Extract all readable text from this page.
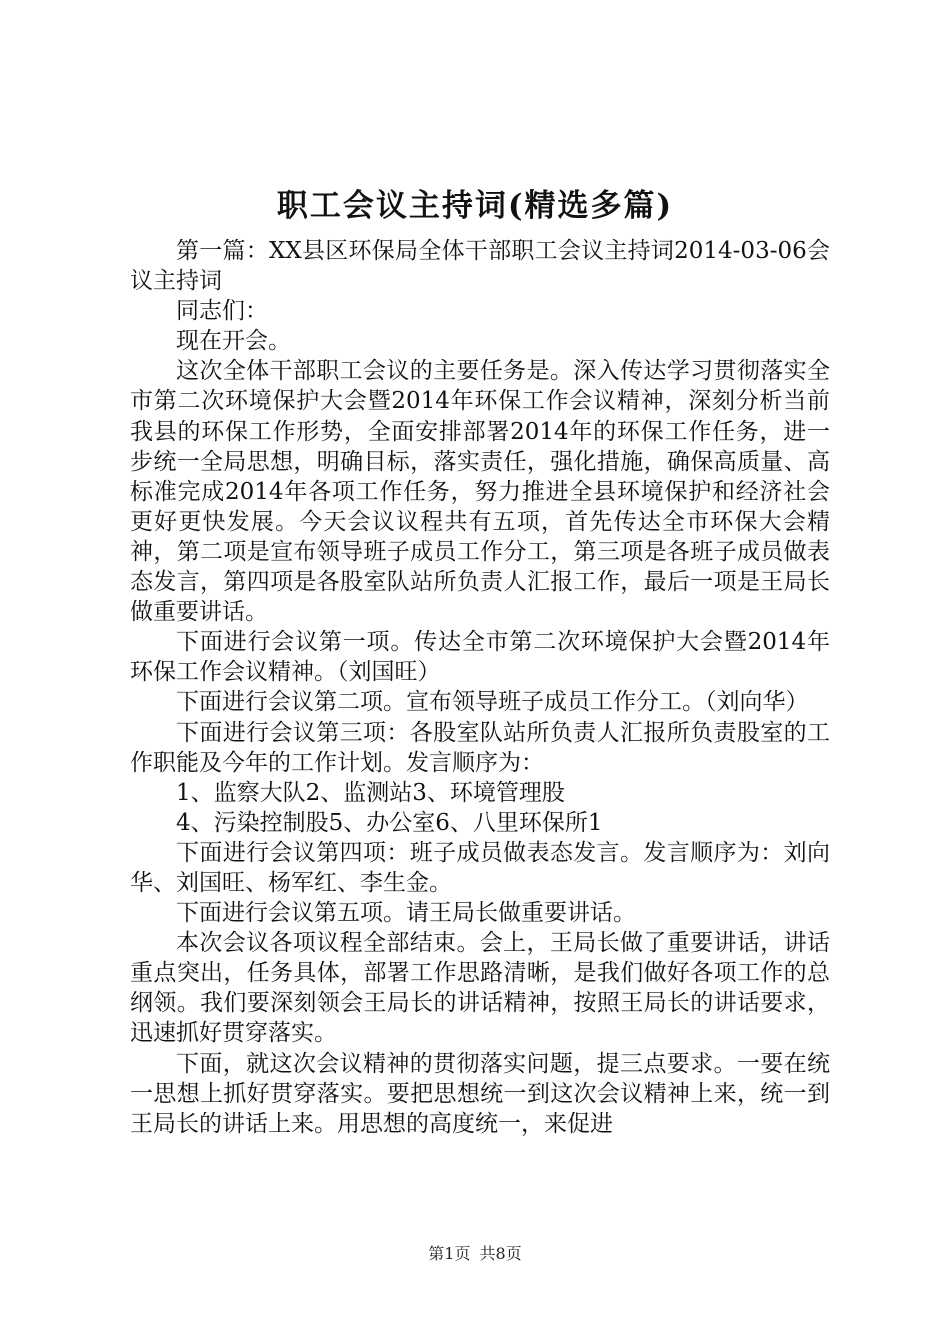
职工会议主持词(精选多篇)

第一篇：XX县区环保局全体干部职工会议主持词2014-03-06会议主持词

同志们：

现在开会。

这次全体干部职工会议的主要任务是。深入传达学习贯彻落实全市第二次环境保护大会暨2014年环保工作会议精神，深刻分析当前我县的环保工作形势，全面安排部署2014年的环保工作任务，进一步统一全局思想，明确目标，落实责任，强化措施，确保高质量、高标准完成2014年各项工作任务，努力推进全县环境保护和经济社会更好更快发展。今天会议议程共有五项，首先传达全市环保大会精神，第二项是宣布领导班子成员工作分工，第三项是各班子成员做表态发言，第四项是各股室队站所负责人汇报工作，最后一项是王局长做重要讲话。

下面进行会议第一项。传达全市第二次环境保护大会暨2014年环保工作会议精神。（刘国旺）

下面进行会议第二项。宣布领导班子成员工作分工。（刘向华）

下面进行会议第三项：各股室队站所负责人汇报所负责股室的工作职能及今年的工作计划。发言顺序为：

1、监察大队2、监测站3、环境管理股

4、污染控制股5、办公室6、八里环保所1

下面进行会议第四项：班子成员做表态发言。发言顺序为：刘向华、刘国旺、杨军红、李生金。

下面进行会议第五项。请王局长做重要讲话。

本次会议各项议程全部结束。会上，王局长做了重要讲话，讲话重点突出，任务具体，部署工作思路清晰，是我们做好各项工作的总纲领。我们要深刻领会王局长的讲话精神，按照王局长的讲话要求，迅速抓好贯穿落实。

下面，就这次会议精神的贯彻落实问题，提三点要求。一要在统一思想上抓好贯穿落实。要把思想统一到这次会议精神上来，统一到王局长的讲话上来。用思想的高度统一，来促进

第1页 共8页
